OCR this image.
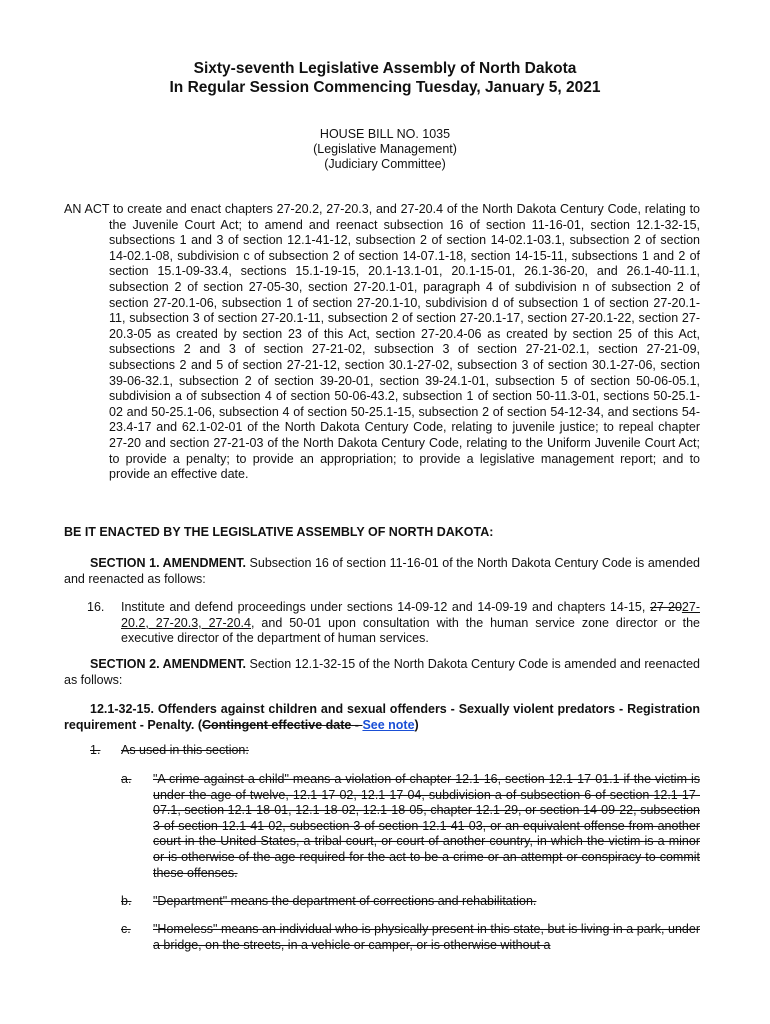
Sixty-seventh Legislative Assembly of North Dakota
In Regular Session Commencing Tuesday, January 5, 2021
HOUSE BILL NO. 1035
(Legislative Management)
(Judiciary Committee)
AN ACT to create and enact chapters 27-20.2, 27-20.3, and 27-20.4 of the North Dakota Century Code, relating to the Juvenile Court Act; to amend and reenact subsection 16 of section 11-16-01, section 12.1-32-15, subsections 1 and 3 of section 12.1-41-12, subsection 2 of section 14-02.1-03.1, subsection 2 of section 14-02.1-08, subdivision c of subsection 2 of section 14-07.1-18, section 14-15-11, subsections 1 and 2 of section 15.1-09-33.4, sections 15.1-19-15, 20.1-13.1-01, 20.1-15-01, 26.1-36-20, and 26.1-40-11.1, subsection 2 of section 27-05-30, section 27-20.1-01, paragraph 4 of subdivision n of subsection 2 of section 27-20.1-06, subsection 1 of section 27-20.1-10, subdivision d of subsection 1 of section 27-20.1-11, subsection 3 of section 27-20.1-11, subsection 2 of section 27-20.1-17, section 27-20.1-22, section 27-20.3-05 as created by section 23 of this Act, section 27-20.4-06 as created by section 25 of this Act, subsections 2 and 3 of section 27-21-02, subsection 3 of section 27-21-02.1, section 27-21-09, subsections 2 and 5 of section 27-21-12, section 30.1-27-02, subsection 3 of section 30.1-27-06, section 39-06-32.1, subsection 2 of section 39-20-01, section 39-24.1-01, subsection 5 of section 50-06-05.1, subdivision a of subsection 4 of section 50-06-43.2, subsection 1 of section 50-11.3-01, sections 50-25.1-02 and 50-25.1-06, subsection 4 of section 50-25.1-15, subsection 2 of section 54-12-34, and sections 54-23.4-17 and 62.1-02-01 of the North Dakota Century Code, relating to juvenile justice; to repeal chapter 27-20 and section 27-21-03 of the North Dakota Century Code, relating to the Uniform Juvenile Court Act; to provide a penalty; to provide an appropriation; to provide a legislative management report; and to provide an effective date.
BE IT ENACTED BY THE LEGISLATIVE ASSEMBLY OF NORTH DAKOTA:
SECTION 1. AMENDMENT. Subsection 16 of section 11-16-01 of the North Dakota Century Code is amended and reenacted as follows:
16. Institute and defend proceedings under sections 14-09-12 and 14-09-19 and chapters 14-15, 27-2027-20.2, 27-20.3, 27-20.4, and 50-01 upon consultation with the human service zone director or the executive director of the department of human services.
SECTION 2. AMENDMENT. Section 12.1-32-15 of the North Dakota Century Code is amended and reenacted as follows:
12.1-32-15. Offenders against children and sexual offenders - Sexually violent predators - Registration requirement - Penalty. (Contingent effective date - See note)
1. As used in this section:
a. "A crime against a child" means a violation of chapter 12.1-16, section 12.1-17-01.1 if the victim is under the age of twelve, 12.1-17-02, 12.1-17-04, subdivision a of subsection 6 of section 12.1-17-07.1, section 12.1-18-01, 12.1-18-02, 12.1-18-05, chapter 12.1-29, or section 14-09-22, subsection 3 of section 12.1-41-02, subsection 3 of section 12.1-41-03, or an equivalent offense from another court in the United States, a tribal court, or court of another country, in which the victim is a minor or is otherwise of the age required for the act to be a crime or an attempt or conspiracy to commit these offenses.
b. "Department" means the department of corrections and rehabilitation.
c. "Homeless" means an individual who is physically present in this state, but is living in a park, under a bridge, on the streets, in a vehicle or camper, or is otherwise without a
